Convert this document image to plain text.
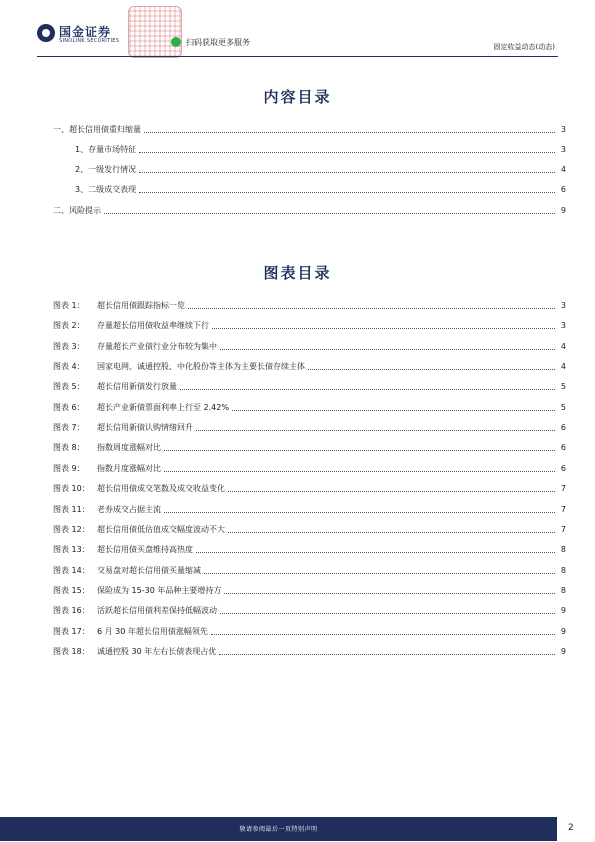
国金证券
SINOLINK SECURITIES	扫码获取更多服务	固定收益动态(动态)
内容目录
一、超长信用债重归缩量	3
1、存量市场特征	3
2、一级发行情况	4
3、二级成交表现	6
二、风险提示	9
图表目录
图表 1： 超长信用债跟踪指标一览	3
图表 2： 存量超长信用债收益率继续下行	3
图表 3： 存量超长产业债行业分布较为集中	4
图表 4： 国家电网、诚通控股、中化股份等主体为主要长债存续主体	4
图表 5： 超长信用新债发行放量	5
图表 6： 超长产业新债票面利率上行至 2.42%	5
图表 7： 超长信用新债认购情绪回升	6
图表 8： 指数周度涨幅对比	6
图表 9： 指数月度涨幅对比	6
图表 10： 超长信用债成交笔数及成交收益变化	7
图表 11： 老券成交占据主流	7
图表 12： 超长信用债低估值成交幅度波动不大	7
图表 13： 超长信用债买盘维持高热度	8
图表 14： 交易盘对超长信用债买量缩减	8
图表 15： 保险成为 15-30 年品种主要增持方	8
图表 16： 活跃超长信用债利差保持低幅波动	9
图表 17： 6 月 30 年超长信用债涨幅领先	9
图表 18： 诚通控股 30 年左右长债表现占优	9
敬请参阅最后一页特别声明	2
